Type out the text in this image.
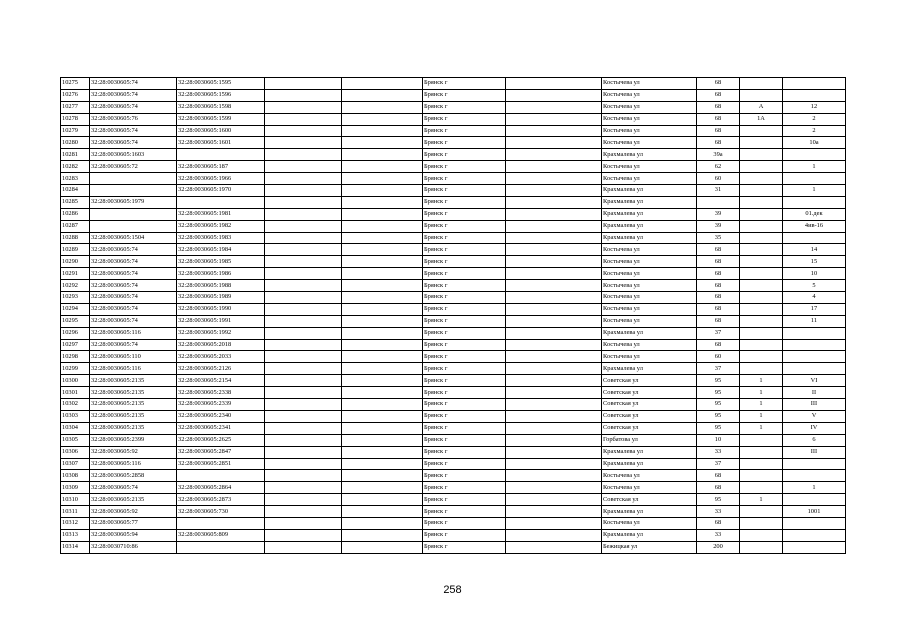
10275	32:28:0030605:74	32:28:0030605:1595			Брянск г		Костычева ул	68		
10276	32:28:0030605:74	32:28:0030605:1596			Брянск г		Костычева ул	68		
10277	32:28:0030605:74	32:28:0030605:1598			Брянск г		Костычева ул	68	А	12
10278	32:28:0030605:76	32:28:0030605:1599			Брянск г		Костычева ул	68	1А	2
10279	32:28:0030605:74	32:28:0030605:1600			Брянск г		Костычева ул	68		2
10280	32:28:0030605:74	32:28:0030605:1601			Брянск г		Костычева ул	68		10а
10281	32:28:0030605:1603				Брянск г		Крахмалева ул	39а		
10282	32:28:0030605:72	32:28:0030605:187			Брянск г		Костычева ул	62		1
10283		32:28:0030605:1966			Брянск г		Костычева ул	60		
10284		32:28:0030605:1970			Брянск г		Крахмалева ул	31		1
10285	32:28:0030605:1979				Брянск г		Крахмалева ул			
10286		32:28:0030605:1981			Брянск г		Крахмалева ул	39		01.дек
10287		32:28:0030605:1982			Брянск г		Крахмалева ул	39		4ив-16
10288	32:28:0030605:1504	32:28:0030605:1983			Брянск г		Крахмалева ул	35		
10289	32:28:0030605:74	32:28:0030605:1984			Брянск г		Костычева ул	68		14
10290	32:28:0030605:74	32:28:0030605:1985			Брянск г		Костычева ул	68		15
10291	32:28:0030605:74	32:28:0030605:1986			Брянск г		Костычева ул	68		10
10292	32:28:0030605:74	32:28:0030605:1988			Брянск г		Костычева ул	68		5
10293	32:28:0030605:74	32:28:0030605:1989			Брянск г		Костычева ул	68		4
10294	32:28:0030605:74	32:28:0030605:1990			Брянск г		Костычева ул	68		17
10295	32:28:0030605:74	32:28:0030605:1991			Брянск г		Костычева ул	68		11
10296	32:28:0030605:116	32:28:0030605:1992			Брянск г		Крахмалева ул	37		
10297	32:28:0030605:74	32:28:0030605:2018			Брянск г		Костычева ул	68		
10298	32:28:0030605:110	32:28:0030605:2033			Брянск г		Костычева ул	60		
10299	32:28:0030605:116	32:28:0030605:2126			Брянск г		Крахмалева ул	37		
10300	32:28:0030605:2135	32:28:0030605:2154			Брянск г		Советская ул	95	1	VI
10301	32:28:0030605:2135	32:28:0030605:2338			Брянск г		Советская ул	95	1	II
10302	32:28:0030605:2135	32:28:0030605:2339			Брянск г		Советская ул	95	1	III
10303	32:28:0030605:2135	32:28:0030605:2340			Брянск г		Советская ул	95	1	V
10304	32:28:0030605:2135	32:28:0030605:2341			Брянск г		Советская ул	95	1	IV
10305	32:28:0030605:2399	32:28:0030605:2625			Брянск г		Горбатова ул	10		6
10306	32:28:0030605:92	32:28:0030605:2847			Брянск г		Крахмалева ул	33		III
10307	32:28:0030605:116	32:28:0030605:2851			Брянск г		Крахмалева ул	37		
10308	32:28:0030605:2858				Брянск г		Костычева ул	68		
10309	32:28:0030605:74	32:28:0030605:2864			Брянск г		Костычева ул	68		1
10310	32:28:0030605:2135	32:28:0030605:2873			Брянск г		Советская ул	95	1	
10311	32:28:0030605:92	32:28:0030605:730			Брянск г		Крахмалева ул	33		1001
10312	32:28:0030605:77				Брянск г		Костычева ул	68		
10313	32:28:0030605:94	32:28:0030605:809			Брянск г		Крахмалева ул	33		
10314	32:28:0030710:86				Брянск г		Бежицкая ул	200		
258
